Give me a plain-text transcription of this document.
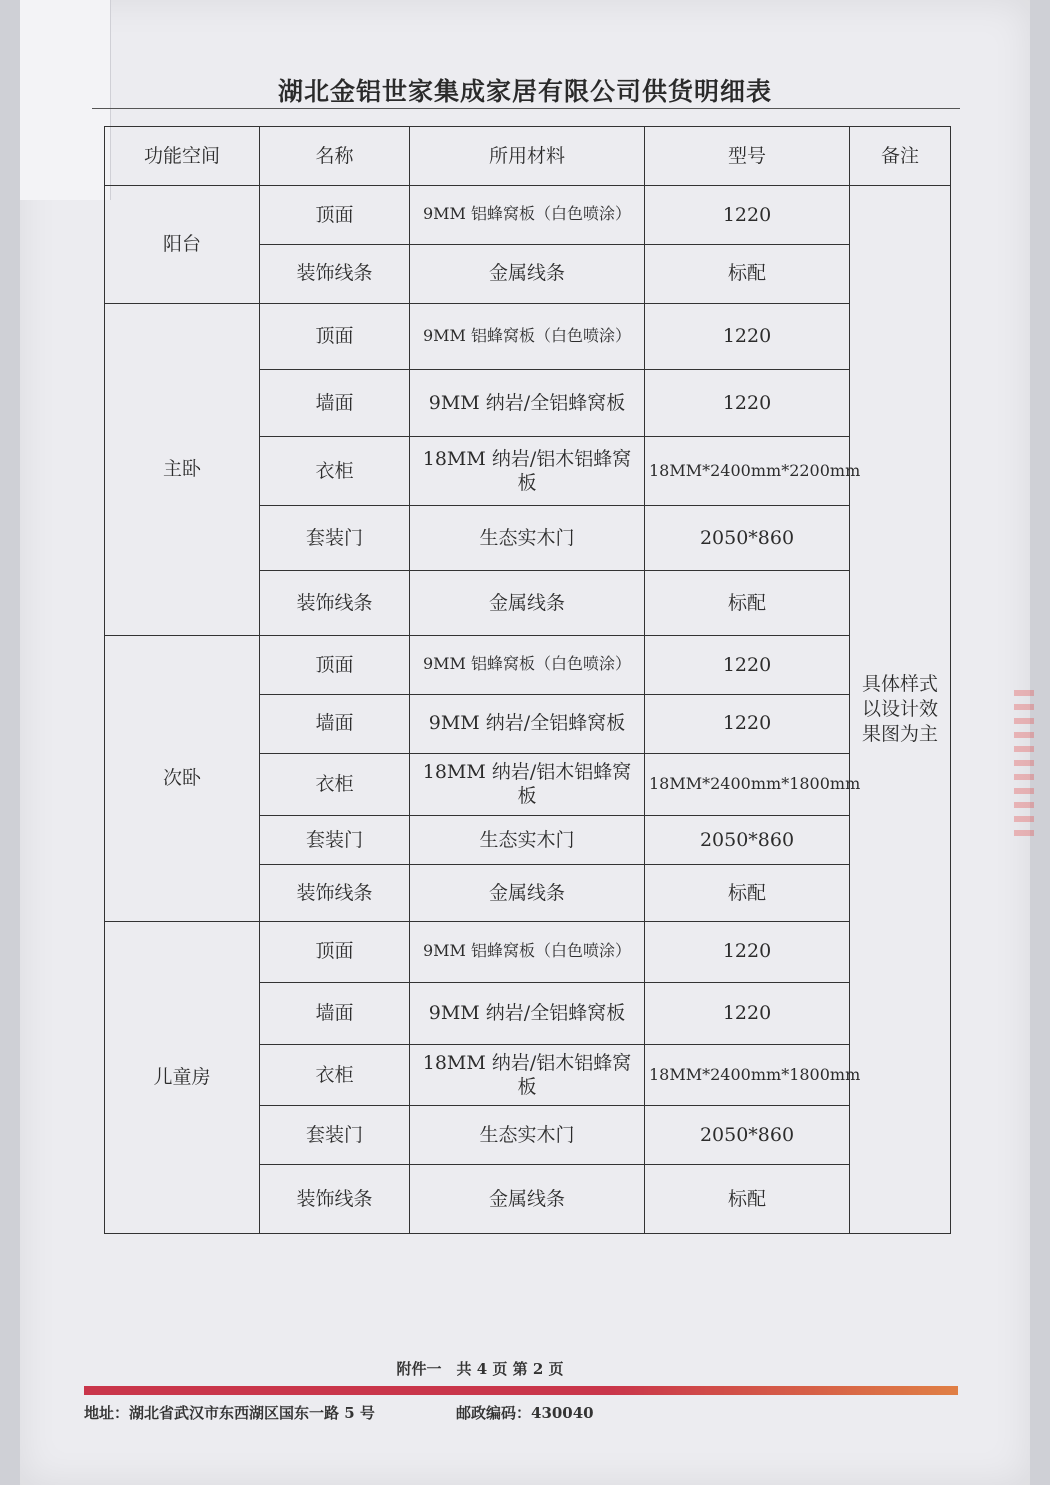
湖北金铝世家集成家居有限公司供货明细表
功能空间	名称	所用材料	型号	备注
阳台	顶面	9MM 铝蜂窝板（白色喷涂）	1220	具体样式以设计效果图为主
	装饰线条	金属线条	标配	
主卧	顶面	9MM 铝蜂窝板（白色喷涂）	1220	
	墙面	9MM 纳岩/全铝蜂窝板	1220	
	衣柜	18MM 纳岩/铝木铝蜂窝板	18MM*2400mm*2200mm	
	套装门	生态实木门	2050*860	
	装饰线条	金属线条	标配	
次卧	顶面	9MM 铝蜂窝板（白色喷涂）	1220	
	墙面	9MM 纳岩/全铝蜂窝板	1220	
	衣柜	18MM 纳岩/铝木铝蜂窝板	18MM*2400mm*1800mm	
	套装门	生态实木门	2050*860	
	装饰线条	金属线条	标配	
儿童房	顶面	9MM 铝蜂窝板（白色喷涂）	1220	
	墙面	9MM 纳岩/全铝蜂窝板	1220	
	衣柜	18MM 纳岩/铝木铝蜂窝板	18MM*2400mm*1800mm	
	套装门	生态实木门	2050*860	
	装饰线条	金属线条	标配	
附件一　共 4 页 第 2 页
地址：湖北省武汉市东西湖区国东一路 5 号	邮政编码：430040
